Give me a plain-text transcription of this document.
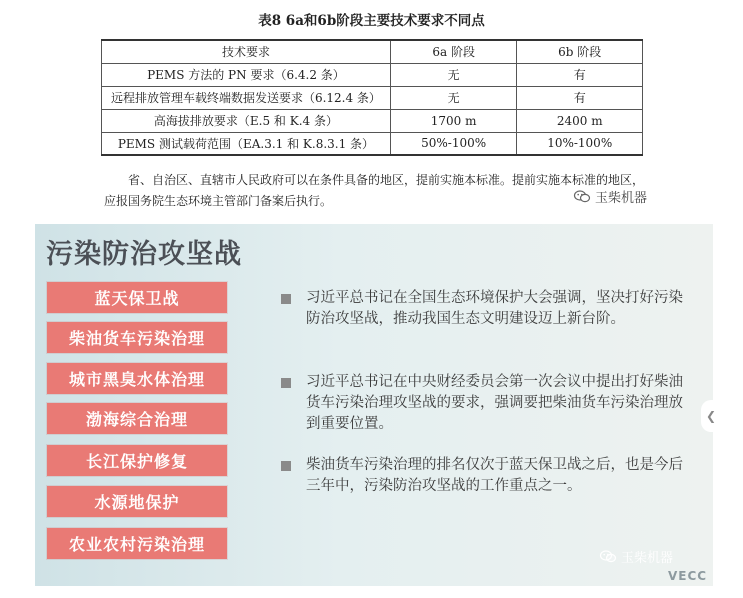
表8 6a和6b阶段主要技术要求不同点
技术要求	6a 阶段	6b 阶段
PEMS 方法的 PN 要求（6.4.2 条）	无	有
远程排放管理车载终端数据发送要求（6.12.4 条）	无	有
高海拔排放要求（E.5 和 K.4 条）	1700 m	2400 m
PEMS 测试载荷范围（EA.3.1 和 K.8.3.1 条）	50%-100%	10%-100%

省、自治区、直辖市人民政府可以在条件具备的地区，提前实施本标准。提前实施本标准的地区，应报国务院生态环境主管部门备案后执行。	玉柴机器
污染防治攻坚战
蓝天保卫战
柴油货车污染治理
城市黑臭水体治理
渤海综合治理
长江保护修复
水源地保护
农业农村污染治理
习近平总书记在全国生态环境保护大会强调，坚决打好污染防治攻坚战，推动我国生态文明建设迈上新台阶。
习近平总书记在中央财经委员会第一次会议中提出打好柴油货车污染治理攻坚战的要求，强调要把柴油货车污染治理放到重要位置。
柴油货车污染治理的排名仅次于蓝天保卫战之后，也是今后三年中，污染防治攻坚战的工作重点之一。
❮
玉柴机器
VECC
